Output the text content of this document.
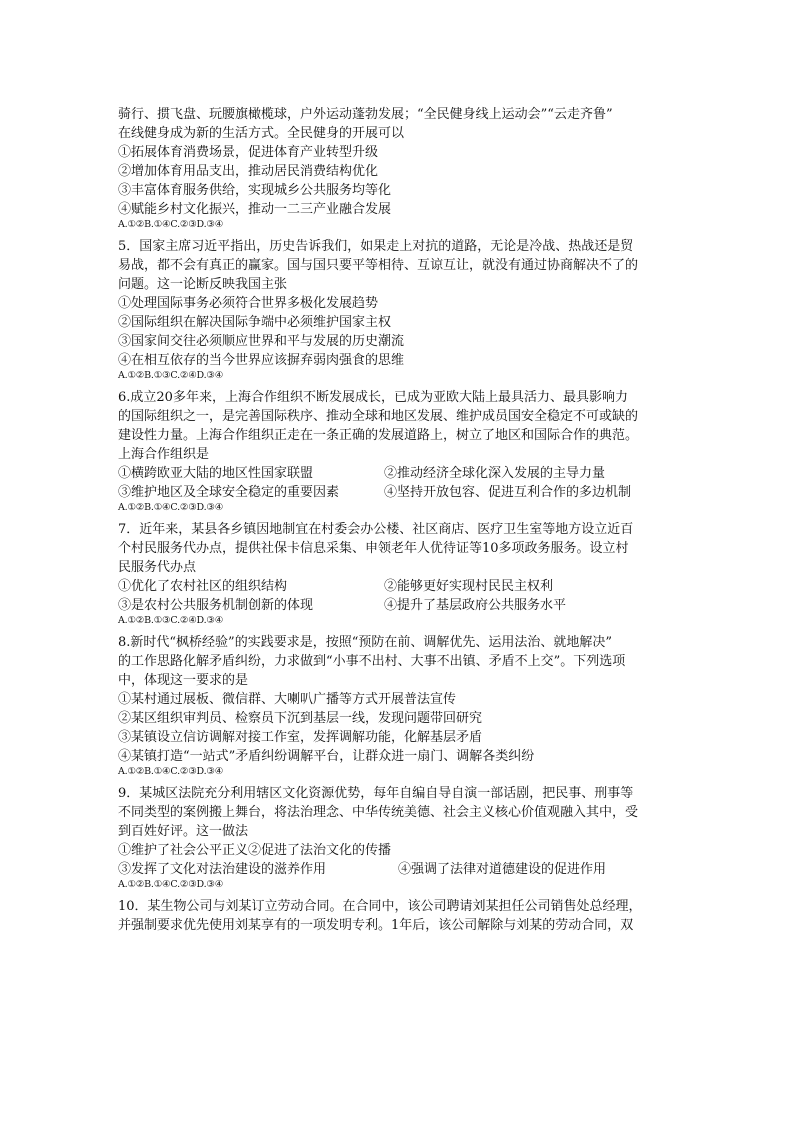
骑行、掼飞盘、玩腰旗橄榄球，户外运动蓬勃发展；“全民健身线上运动会”“云走齐鲁”

在线健身成为新的生活方式。全民健身的开展可以

①拓展体育消费场景，促进体育产业转型升级
②增加体育用品支出，推动居民消费结构优化
③丰富体育服务供给，实现城乡公共服务均等化
④赋能乡村文化振兴，推动一二三产业融合发展
A.①②B.①④C.②③D.③④

5．国家主席习近平指出，历史告诉我们，如果走上对抗的道路，无论是冷战、热战还是贸

易战，都不会有真正的赢家。国与国只要平等相待、互谅互让，就没有通过协商解决不了的

问题。这一论断反映我国主张

①处理国际事务必须符合世界多极化发展趋势
②国际组织在解决国际争端中必须维护国家主权
③国家间交往必须顺应世界和平与发展的历史潮流
④在相互依存的当今世界应该摒弃弱肉强食的思维
A.①②B.①③C.②④D.③④

6.成立20多年来，上海合作组织不断发展成长，已成为亚欧大陆上最具活力、最具影响力

的国际组织之一，是完善国际秩序、推动全球和地区发展、维护成员国安全稳定不可或缺的

建设性力量。上海合作组织正走在一条正确的发展道路上，树立了地区和国际合作的典范。

上海合作组织是

①横跨欧亚大陆的地区性国家联盟	②推动经济全球化深入发展的主导力量
③维护地区及全球安全稳定的重要因素	④坚持开放包容、促进互利合作的多边机制
A.①②B.①④C.②③D.③④

7．近年来，某县各乡镇因地制宜在村委会办公楼、社区商店、医疗卫生室等地方设立近百

个村民服务代办点，提供社保卡信息采集、申领老年人优待证等10多项政务服务。设立村

民服务代办点

①优化了农村社区的组织结构	②能够更好实现村民民主权利
③是农村公共服务机制创新的体现	④提升了基层政府公共服务水平
A.①②B.①③C.②④D.③④

8.新时代“枫桥经验”的实践要求是，按照“预防在前、调解优先、运用法治、就地解决”

的工作思路化解矛盾纠纷，力求做到“小事不出村、大事不出镇、矛盾不上交”。下列选项

中，体现这一要求的是

①某村通过展板、微信群、大喇叭广播等方式开展普法宣传
②某区组织审判员、检察员下沉到基层一线，发现问题带回研究
③某镇设立信访调解对接工作室，发挥调解功能，化解基层矛盾
④某镇打造“一站式”矛盾纠纷调解平台，让群众进一扇门、调解各类纠纷
A.①②B.①④C.②③D.③④

9．某城区法院充分利用辖区文化资源优势，每年自编自导自演一部话剧，把民事、刑事等

不同类型的案例搬上舞台，将法治理念、中华传统美德、社会主义核心价值观融入其中，受

到百姓好评。这一做法

①维护了社会公平正义②促进了法治文化的传播
③发挥了文化对法治建设的滋养作用	④强调了法律对道德建设的促进作用
A.①②B.①④C.②③D.③④

10．某生物公司与刘某订立劳动合同。在合同中，该公司聘请刘某担任公司销售处总经理，

并强制要求优先使用刘某享有的一项发明专利。1年后，该公司解除与刘某的劳动合同，双
